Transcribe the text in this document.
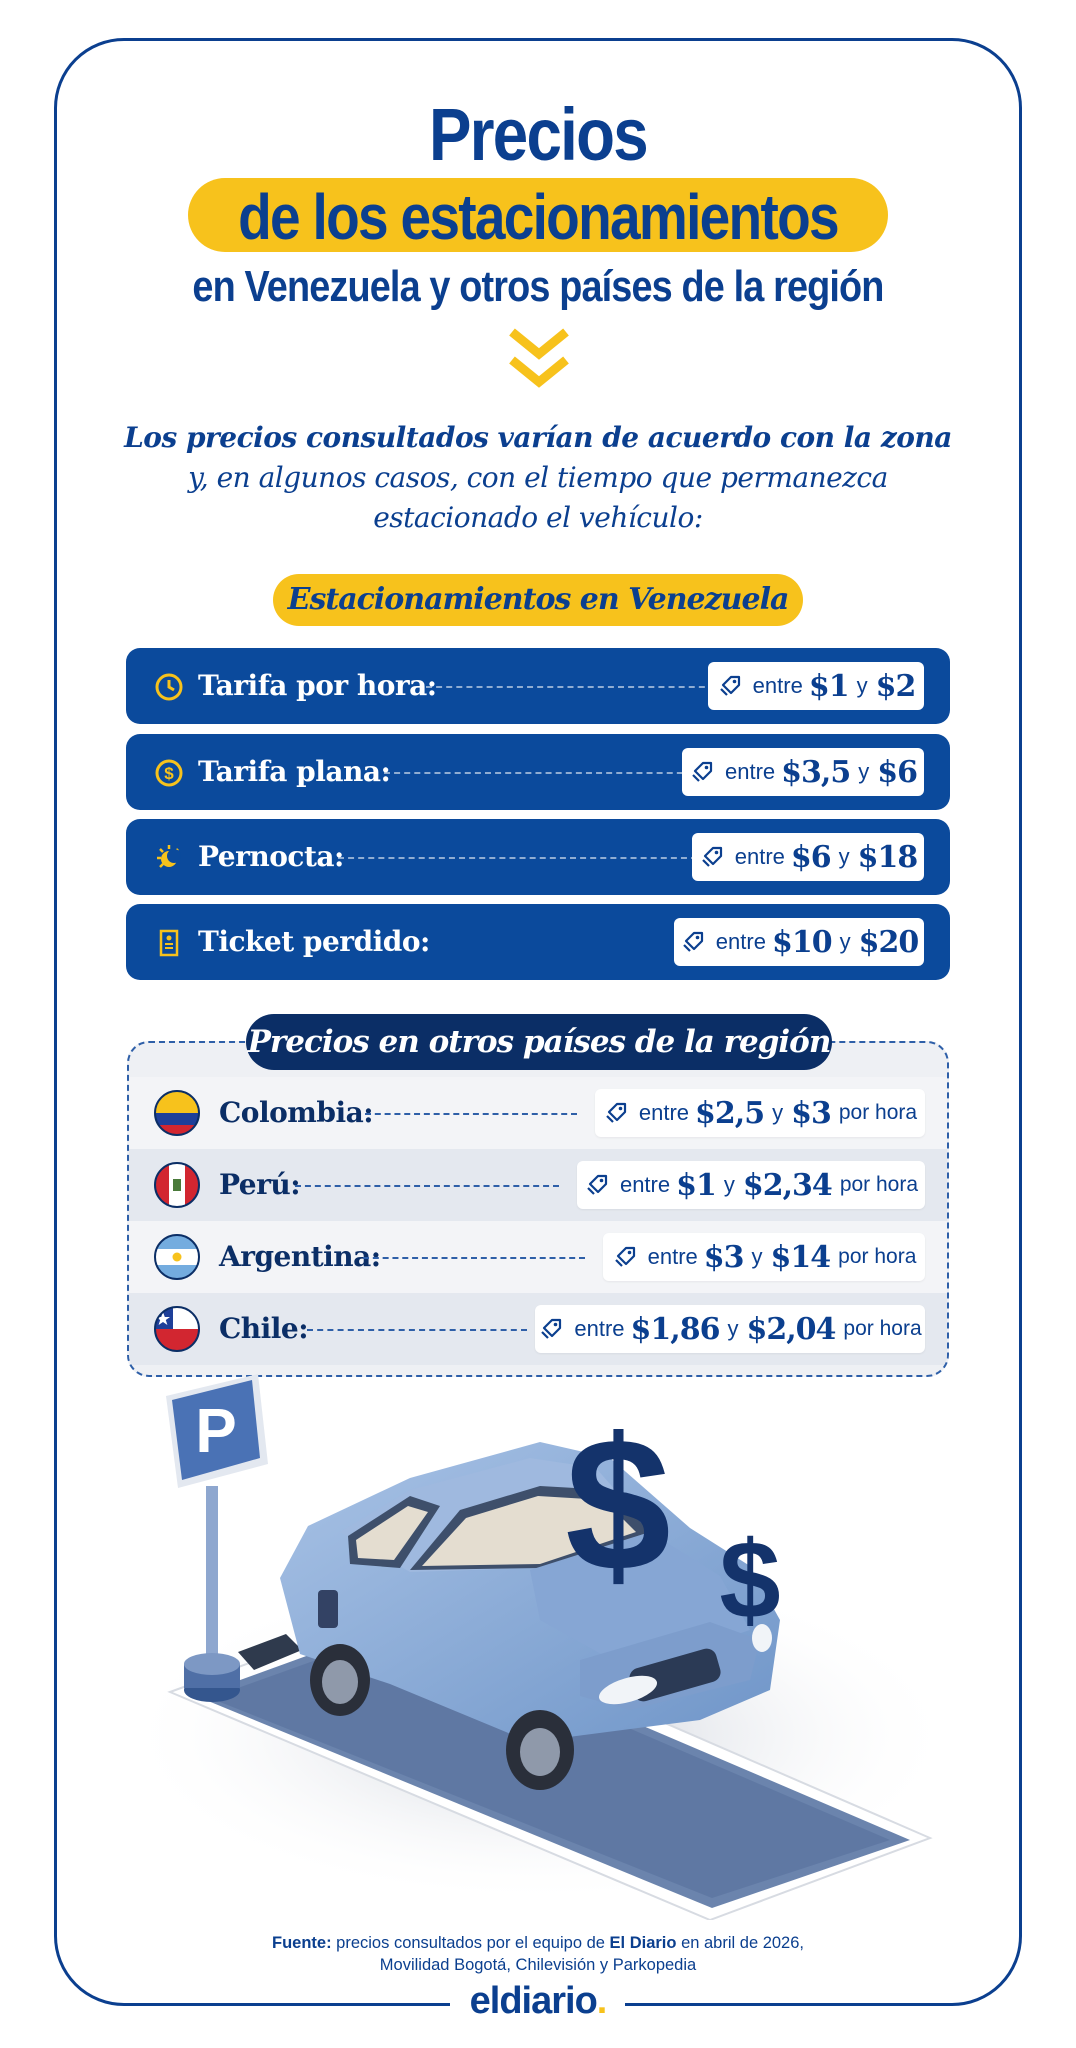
Precios
de los estacionamientos
en Venezuela y otros países de la región
Los precios consultados varían de acuerdo con la zona
y, en algunos casos, con el tiempo que permanezca
estacionado el vehículo:
Estacionamientos en Venezuela
Tarifa por hora:	entre $1 y $2
$ Tarifa plana:	entre $3,5 y $6
Pernocta:	entre $6 y $18
Ticket perdido:	entre $10 y $20
Precios en otros países de la región
Colombia:	entre $2,5 y $3 por hora
Perú:	entre $1 y $2,34 por hora
Argentina:	entre $3 y $14 por hora
Chile:	entre $1,86 y $2,04 por hora
P $ $
Fuente: precios consultados por el equipo de El Diario en abril de 2026,
Movilidad Bogotá, Chilevisión y Parkopedia
eldiario.
